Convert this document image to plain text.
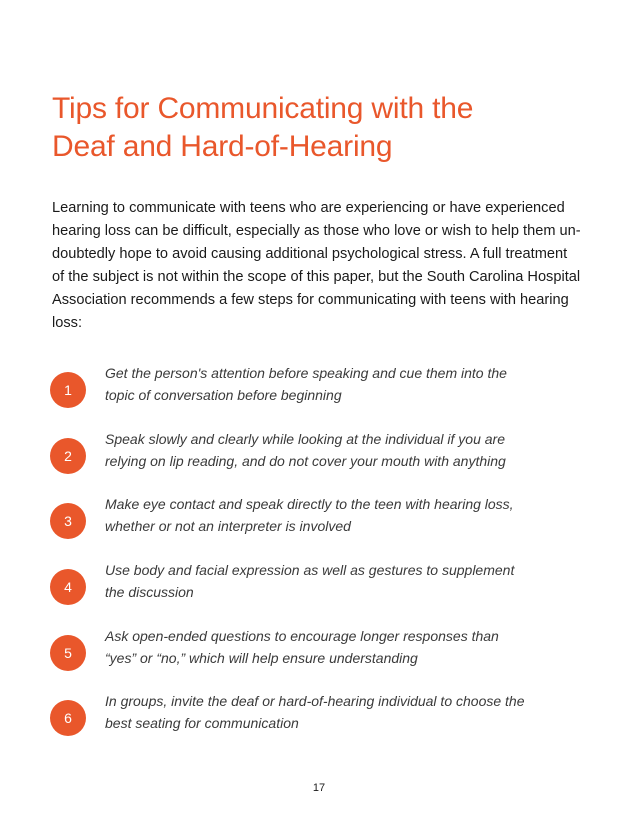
Tips for Communicating with the
Deaf and Hard-of-Hearing

Learning to communicate with teens who are experiencing or have experienced
hearing loss can be difficult, especially as those who love or wish to help them un-
doubtedly hope to avoid causing additional psychological stress. A full treatment
of the subject is not within the scope of this paper, but the South Carolina Hospital
Association recommends a few steps for communicating with teens with hearing
loss:

1
Get the person's attention before speaking and cue them into the
topic of conversation before beginning
2
Speak slowly and clearly while looking at the individual if you are
relying on lip reading, and do not cover your mouth with anything
3
Make eye contact and speak directly to the teen with hearing loss,
whether or not an interpreter is involved
4
Use body and facial expression as well as gestures to supplement
the discussion
5
Ask open-ended questions to encourage longer responses than
“yes” or “no,” which will help ensure understanding
6
In groups, invite the deaf or hard-of-hearing individual to choose the
best seating for communication
17
